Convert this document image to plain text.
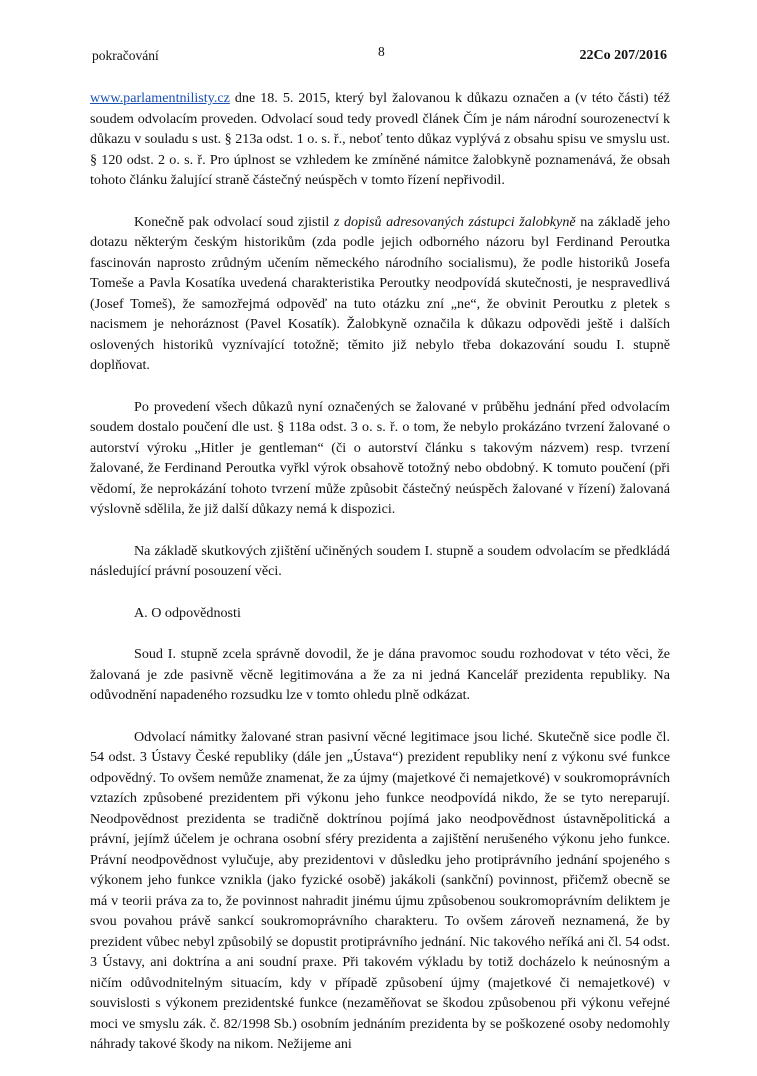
pokračování	8	22Co 207/2016

www.parlamentnilisty.cz dne 18. 5. 2015, který byl žalovanou k důkazu označen a (v této části) též soudem odvolacím proveden. Odvolací soud tedy provedl článek Čím je nám národní sourozenectví k důkazu v souladu s ust. § 213a odst. 1 o. s. ř., neboť tento důkaz vyplývá z obsahu spisu ve smyslu ust. § 120 odst. 2 o. s. ř. Pro úplnost se vzhledem ke zmíněné námitce žalobkyně poznamenává, že obsah tohoto článku žalující straně částečný neúspěch v tomto řízení nepřivodil.

Konečně pak odvolací soud zjistil z dopisů adresovaných zástupci žalobkyně na základě jeho dotazu některým českým historikům (zda podle jejich odborného názoru byl Ferdinand Peroutka fascinován naprosto zrůdným učením německého národního socialismu), že podle historiků Josefa Tomeše a Pavla Kosatíka uvedená charakteristika Peroutky neodpovídá skutečnosti, je nespravedlivá (Josef Tomeš), že samozřejmá odpověď na tuto otázku zní „ne“, že obvinit Peroutku z pletek s nacismem je nehoráznost (Pavel Kosatík). Žalobkyně označila k důkazu odpovědi ještě i dalších oslovených historiků vyznívající totožně; těmito již nebylo třeba dokazování soudu I. stupně doplňovat.

Po provedení všech důkazů nyní označených se žalované v průběhu jednání před odvolacím soudem dostalo poučení dle ust. § 118a odst. 3 o. s. ř. o tom, že nebylo prokázáno tvrzení žalované o autorství výroku „Hitler je gentleman“ (či o autorství článku s takovým názvem) resp. tvrzení žalované, že Ferdinand Peroutka vyřkl výrok obsahově totožný nebo obdobný. K tomuto poučení (při vědomí, že neprokázání tohoto tvrzení může způsobit částečný neúspěch žalované v řízení) žalovaná výslovně sdělila, že již další důkazy nemá k dispozici.

Na základě skutkových zjištění učiněných soudem I. stupně a soudem odvolacím se předkládá následující právní posouzení věci.

A. O odpovědnosti

Soud I. stupně zcela správně dovodil, že je dána pravomoc soudu rozhodovat v této věci, že žalovaná je zde pasivně věcně legitimována a že za ni jedná Kancelář prezidenta republiky. Na odůvodnění napadeného rozsudku lze v tomto ohledu plně odkázat.

Odvolací námitky žalované stran pasivní věcné legitimace jsou liché. Skutečně sice podle čl. 54 odst. 3 Ústavy České republiky (dále jen „Ústava“) prezident republiky není z výkonu své funkce odpovědný. To ovšem nemůže znamenat, že za újmy (majetkové či nemajetkové) v soukromoprávních vztazích způsobené prezidentem při výkonu jeho funkce neodpovídá nikdo, že se tyto nereparují. Neodpovědnost prezidenta se tradičně doktrínou pojímá jako neodpovědnost ústavněpolitická a právní, jejímž účelem je ochrana osobní sféry prezidenta a zajištění nerušeného výkonu jeho funkce. Právní neodpovědnost vylučuje, aby prezidentovi v důsledku jeho protiprávního jednání spojeného s výkonem jeho funkce vznikla (jako fyzické osobě) jakákoli (sankční) povinnost, přičemž obecně se má v teorii práva za to, že povinnost nahradit jinému újmu způsobenou soukromoprávním deliktem je svou povahou právě sankcí soukromoprávního charakteru. To ovšem zároveň neznamená, že by prezident vůbec nebyl způsobilý se dopustit protiprávního jednání. Nic takového neříká ani čl. 54 odst. 3 Ústavy, ani doktrína a ani soudní praxe. Při takovém výkladu by totiž docházelo k neúnosným a ničím odůvodnitelným situacím, kdy v případě způsobení újmy (majetkové či nemajetkové) v souvislosti s výkonem prezidentské funkce (nezaměňovat se škodou způsobenou při výkonu veřejné moci ve smyslu zák. č. 82/1998 Sb.) osobním jednáním prezidenta by se poškozené osoby nedomohly náhrady takové škody na nikom. Nežijeme ani
